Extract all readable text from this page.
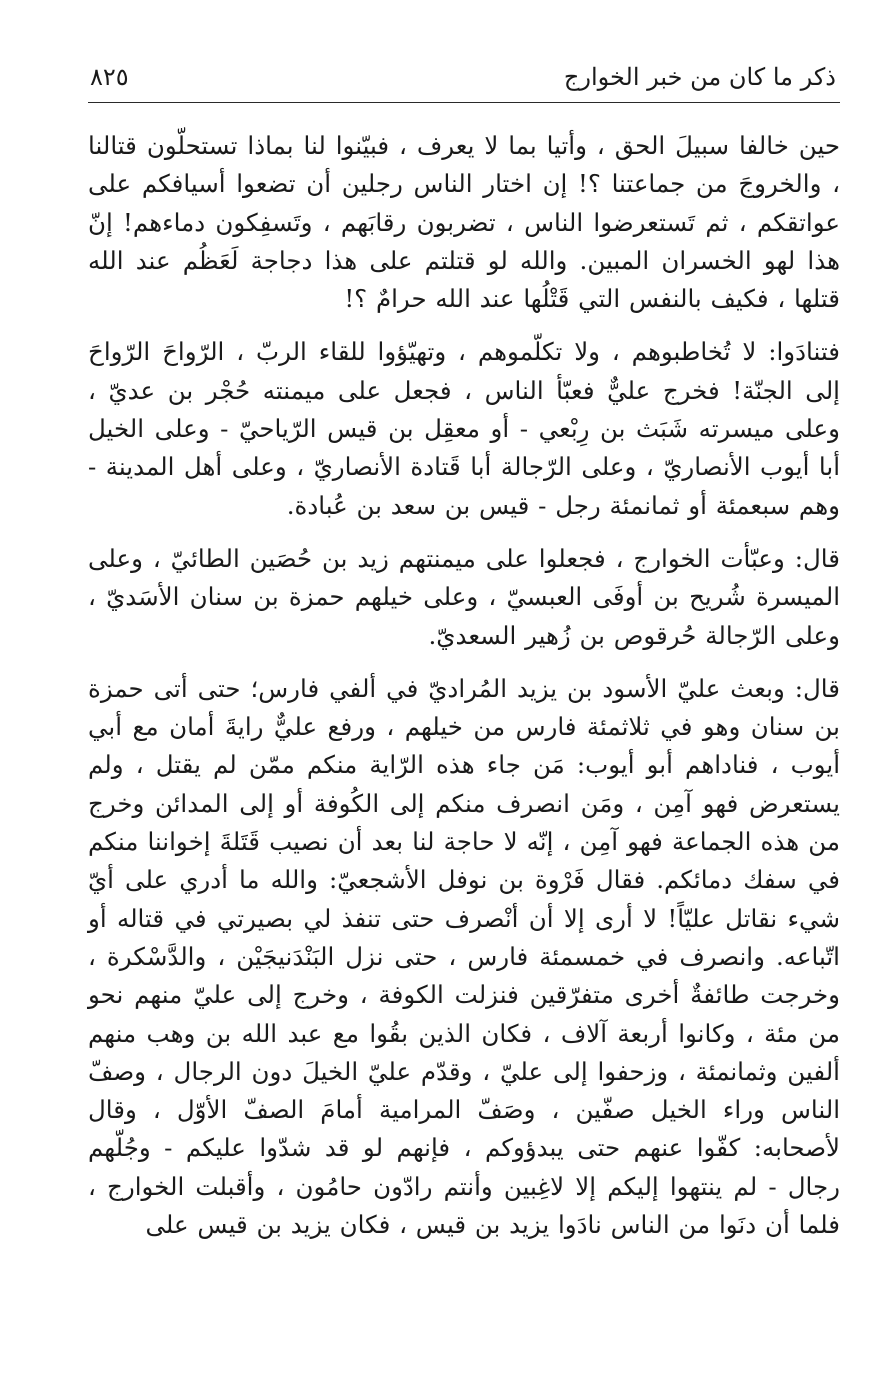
ذكر ما كان من خبر الخوارج
٨٢٥

حين خالفا سبيلَ الحق ، وأتيا بما لا يعرف ، فبيّنوا لنا بماذا تستحلّون قتالنا ، والخروجَ من جماعتنا ؟! إن اختار الناس رجلين أن تضعوا أسيافكم على عواتقكم ، ثم تَستعرضوا الناس ، تضربون رقابَهم ، وتَسفِكون دماءهم! إنّ هذا لهو الخسران المبين. والله لو قتلتم على هذا دجاجة لَعَظُم عند الله قتلها ، فكيف بالنفس التي قَتْلُها عند الله حرامٌ ؟!

فتنادَوا: لا تُخاطبوهم ، ولا تكلّموهم ، وتهيّؤوا للقاء الربّ ، الرّواحَ الرّواحَ إلى الجنّة! فخرج عليٌّ فعبّأ الناس ، فجعل على ميمنته حُجْر بن عديّ ، وعلى ميسرته شَبَث بن رِبْعي - أو معقِل بن قيس الرّياحيّ - وعلى الخيل أبا أيوب الأنصاريّ ، وعلى الرّجالة أبا قَتادة الأنصاريّ ، وعلى أهل المدينة - وهم سبعمئة أو ثمانمئة رجل - قيس بن سعد بن عُبادة.

قال: وعبّأت الخوارج ، فجعلوا على ميمنتهم زيد بن حُصَين الطائيّ ، وعلى الميسرة شُريح بن أوفَى العبسيّ ، وعلى خيلهم حمزة بن سنان الأسَديّ ، وعلى الرّجالة حُرقوص بن زُهير السعديّ.

قال: وبعث عليّ الأسود بن يزيد المُراديّ في ألفي فارس؛ حتى أتى حمزة بن سنان وهو في ثلاثمئة فارس من خيلهم ، ورفع عليٌّ رايةَ أمان مع أبي أيوب ، فناداهم أبو أيوب: مَن جاء هذه الرّاية منكم ممّن لم يقتل ، ولم يستعرض فهو آمِن ، ومَن انصرف منكم إلى الكُوفة أو إلى المدائن وخرج من هذه الجماعة فهو آمِن ، إنّه لا حاجة لنا بعد أن نصيب قَتَلةَ إخواننا منكم في سفك دمائكم. فقال فَرْوة بن نوفل الأشجعيّ: والله ما أدري على أيّ شيء نقاتل عليّاً! لا أرى إلا أن أنْصرف حتى تنفذ لي بصيرتي في قتاله أو اتّباعه. وانصرف في خمسمئة فارس ، حتى نزل البَنْدَنيجَيْن ، والدَّسْكرة ، وخرجت طائفةٌ أخرى متفرّقين فنزلت الكوفة ، وخرج إلى عليّ منهم نحو من مئة ، وكانوا أربعة آلاف ، فكان الذين بقُوا مع عبد الله بن وهب منهم ألفين وثمانمئة ، وزحفوا إلى عليّ ، وقدّم عليّ الخيلَ دون الرجال ، وصفّ الناس وراء الخيل صفّين ، وصَفّ المرامية أمامَ الصفّ الأوّل ، وقال لأصحابه: كفّوا عنهم حتى يبدؤوكم ، فإنهم لو قد شدّوا عليكم - وجُلّهم رجال - لم ينتهوا إليكم إلا لاغِبين وأنتم رادّون حامُون ، وأقبلت الخوارج ، فلما أن دنَوا من الناس نادَوا يزيد بن قيس ، فكان يزيد بن قيس على
